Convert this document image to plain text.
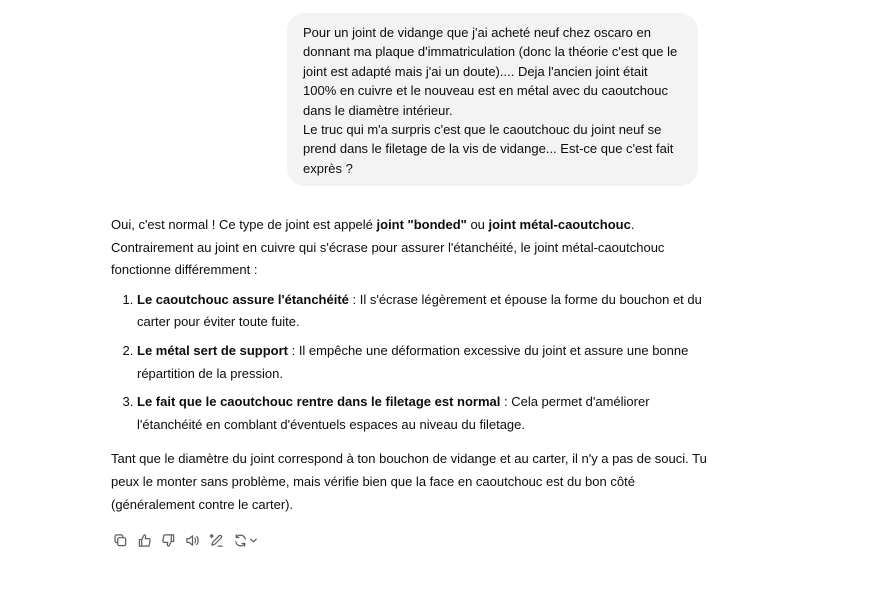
Pour un joint de vidange que j'ai acheté neuf chez oscaro en donnant ma plaque d'immatriculation (donc la théorie c'est que le joint est adapté mais j'ai un doute).... Deja l'ancien joint était 100% en cuivre et le nouveau est en métal avec du caoutchouc dans le diamètre intérieur.

Le truc qui m'a surpris c'est que le caoutchouc du joint neuf se prend dans le filetage de la vis de vidange... Est-ce que c'est fait exprès ?

Oui, c'est normal ! Ce type de joint est appelé joint "bonded" ou joint métal-caoutchouc. Contrairement au joint en cuivre qui s'écrase pour assurer l'étanchéité, le joint métal-caoutchouc fonctionne différemment :

1. Le caoutchouc assure l'étanchéité : Il s'écrase légèrement et épouse la forme du bouchon et du carter pour éviter toute fuite.
2. Le métal sert de support : Il empêche une déformation excessive du joint et assure une bonne répartition de la pression.
3. Le fait que le caoutchouc rentre dans le filetage est normal : Cela permet d'améliorer l'étanchéité en comblant d'éventuels espaces au niveau du filetage.

Tant que le diamètre du joint correspond à ton bouchon de vidange et au carter, il n'y a pas de souci. Tu peux le monter sans problème, mais vérifie bien que la face en caoutchouc est du bon côté (généralement contre le carter).
